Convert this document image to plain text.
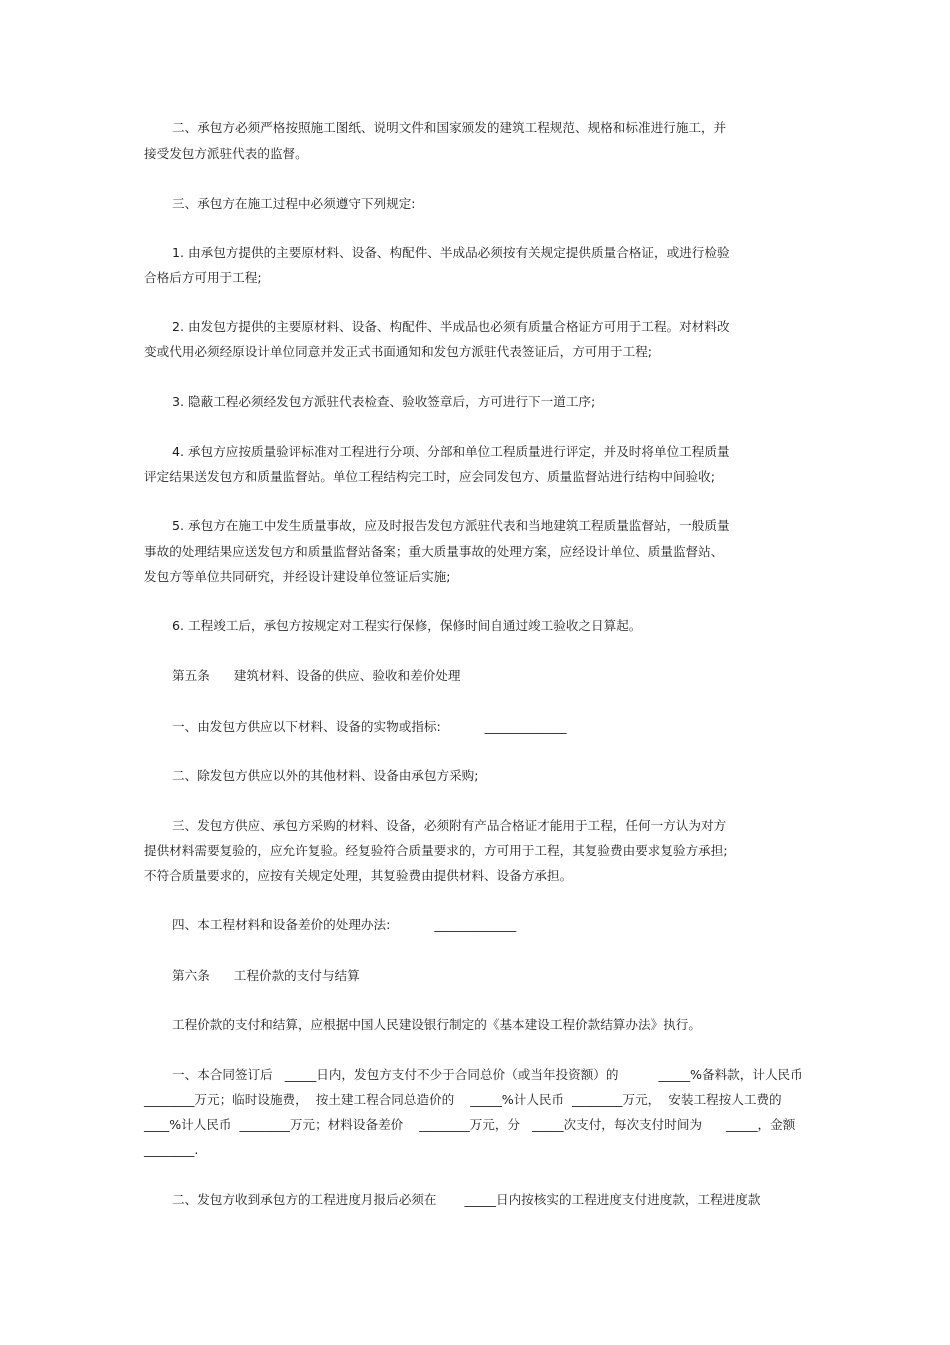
二、承包方必须严格按照施工图纸、说明文件和国家颁发的建筑工程规范、规格和标准进行施工，并
接受发包方派驻代表的监督。
三、承包方在施工过程中必须遵守下列规定:
1. 由承包方提供的主要原材料、设备、构配件、半成品必须按有关规定提供质量合格证，或进行检验
合格后方可用于工程;
2. 由发包方提供的主要原材料、设备、构配件、半成品也必须有质量合格证方可用于工程。对材料改
变或代用必须经原设计单位同意并发正式书面通知和发包方派驻代表签证后，方可用于工程;
3. 隐蔽工程必须经发包方派驻代表检查、验收签章后，方可进行下一道工序;
4. 承包方应按质量验评标准对工程进行分项、分部和单位工程质量进行评定，并及时将单位工程质量
评定结果送发包方和质量监督站。单位工程结构完工时，应会同发包方、质量监督站进行结构中间验收;
5. 承包方在施工中发生质量事故，应及时报告发包方派驻代表和当地建筑工程质量监督站，一般质量
事故的处理结果应送发包方和质量监督站备案；重大质量事故的处理方案，应经设计单位、质量监督站、
发包方等单位共同研究，并经设计建设单位签证后实施;
6. 工程竣工后，承包方按规定对工程实行保修，保修时间自通过竣工验收之日算起。
第五条      建筑材料、设备的供应、验收和差价处理
一、由发包方供应以下材料、设备的实物或指标:           _____________
二、除发包方供应以外的其他材料、设备由承包方采购;
三、发包方供应、承包方采购的材料、设备，必须附有产品合格证才能用于工程，任何一方认为对方
提供材料需要复验的，应允许复验。经复验符合质量要求的，方可用于工程，其复验费由要求复验方承担;
不符合质量要求的，应按有关规定处理，其复验费由提供材料、设备方承担。
四、本工程材料和设备差价的处理办法:           _____________
第六条      工程价款的支付与结算
工程价款的支付和结算，应根据中国人民建设银行制定的《基本建设工程价款结算办法》执行。
一、本合同签订后   _____日内，发包方支付不少于合同总价（或当年投资额）的          _____%备料款，计人民币
________万元；临时设施费，  按土建工程合同总造价的    _____%计人民币  ________万元，  安装工程按人工费的
____%计人民币  ________万元；材料设备差价    ________万元，分   _____次支付，每次支付时间为      _____，金额
________.
二、发包方收到承包方的工程进度月报后必须在       _____日内按核实的工程进度支付进度款，工程进度款
